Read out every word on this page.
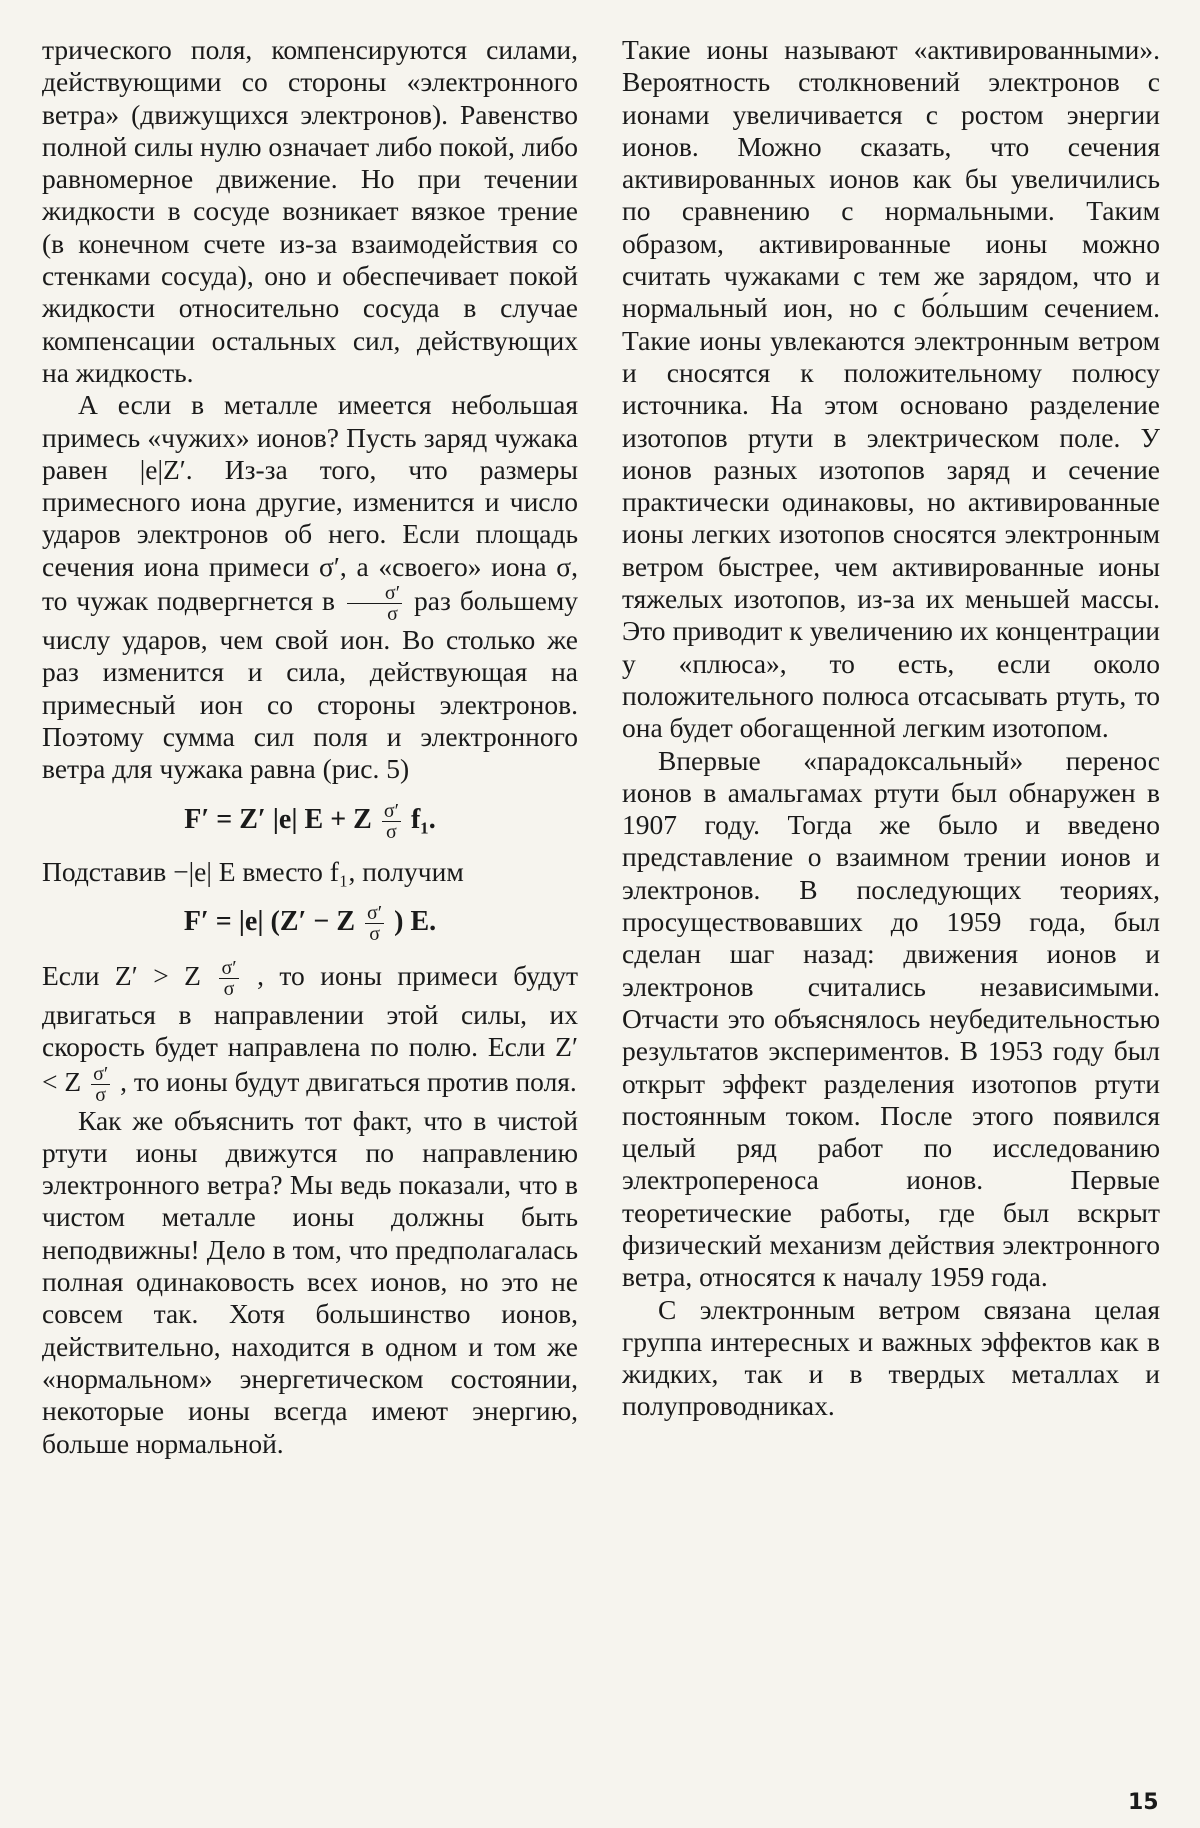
трического поля, компенсируются силами, действующими со стороны «электронного ветра» (движущихся электронов). Равенство полной силы нулю означает либо покой, либо равномерное движение. Но при течении жидкости в сосуде возникает вязкое трение (в конечном счете из-за взаимодействия со стенками сосуда), оно и обеспечивает покой жидкости относительно сосуда в случае компенсации остальных сил, действующих на жидкость.

А если в металле имеется небольшая примесь «чужих» ионов? Пусть заряд чужака равен |e|Z′. Из-за того, что размеры примесного иона другие, изменится и число ударов электронов об него. Если площадь сечения иона примеси σ′, а «своего» иона σ, то чужак подвергнется в $\frac{\sigma'}{\sigma}$ раз большему числу ударов, чем свой ион. Во столько же раз изменится и сила, действующая на примесный ион со стороны электронов. Поэтому сумма сил поля и электронного ветра для чужака равна (рис. 5)

F′ = Z′ |e| E + Z $\frac{\sigma'}{\sigma} f_1$.

Подставив −|e| E вместо f₁, получим

F′ = |e| (Z′ − Z $\frac{\sigma'}{\sigma}$ ) E.

Если Z′ > Z $\frac{\sigma'}{\sigma}$ , то ионы примеси будут двигаться в направлении этой силы, их скорость будет направлена по полю. Если Z′ < Z $\frac{\sigma'}{\sigma}$ , то ионы будут двигаться против поля.

Как же объяснить тот факт, что в чистой ртути ионы движутся по направлению электронного ветра? Мы ведь показали, что в чистом металле ионы должны быть неподвижны! Дело в том, что предполагалась полная одинаковость всех ионов, но это не совсем так. Хотя большинство ионов, действительно, находится в одном и том же «нормальном» энергетическом состоянии, некоторые ионы всегда имеют энергию, больше нормальной.

Такие ионы называют «активированными». Вероятность столкновений электронов с ионами увеличивается с ростом энергии ионов. Можно сказать, что сечения активированных ионов как бы увеличились по сравнению с нормальными. Таким образом, активированные ионы можно считать чужаками с тем же зарядом, что и нормальный ион, но с бо́льшим сечением. Такие ионы увлекаются электронным ветром и сносятся к положительному полюсу источника. На этом основано разделение изотопов ртути в электрическом поле. У ионов разных изотопов заряд и сечение практически одинаковы, но активированные ионы легких изотопов сносятся электронным ветром быстрее, чем активированные ионы тяжелых изотопов, из-за их меньшей массы. Это приводит к увеличению их концентрации у «плюса», то есть, если около положительного полюса отсасывать ртуть, то она будет обогащенной легким изотопом.

Впервые «парадоксальный» перенос ионов в амальгамах ртути был обнаружен в 1907 году. Тогда же было и введено представление о взаимном трении ионов и электронов. В последующих теориях, просуществовавших до 1959 года, был сделан шаг назад: движения ионов и электронов считались независимыми. Отчасти это объяснялось неубедительностью результатов экспериментов. В 1953 году был открыт эффект разделения изотопов ртути постоянным током. После этого появился целый ряд работ по исследованию электропереноса ионов. Первые теоретические работы, где был вскрыт физический механизм действия электронного ветра, относятся к началу 1959 года.

С электронным ветром связана целая группа интересных и важных эффектов как в жидких, так и в твердых металлах и полупроводниках.

15
